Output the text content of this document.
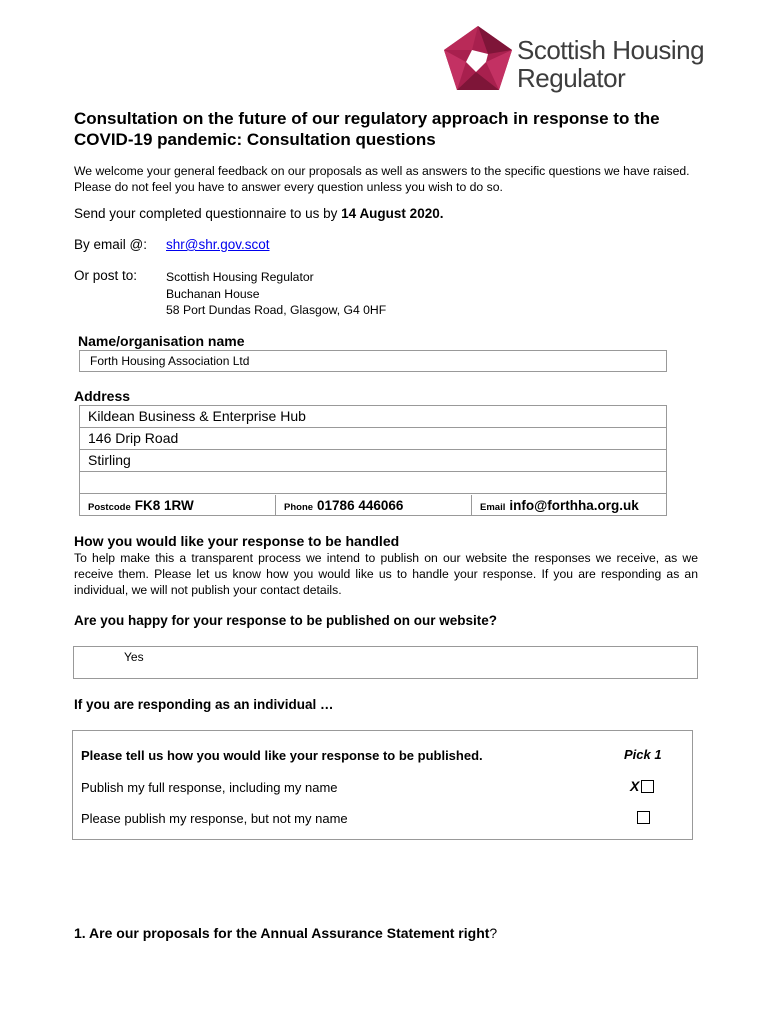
Scottish Housing
Regulator
Consultation on the future of our regulatory approach in response to the COVID-19 pandemic: Consultation questions
We welcome your general feedback on our proposals as well as answers to the specific questions we have raised. Please do not feel you have to answer every question unless you wish to do so.
Send your completed questionnaire to us by 14 August 2020.
By email @: shr@shr.gov.scot
Or post to: Scottish Housing Regulator
Buchanan House
58 Port Dundas Road, Glasgow, G4 0HF
Name/organisation name
Forth Housing Association Ltd
Address
Kildean Business & Enterprise Hub
146 Drip Road
Stirling
Postcode FK8 1RW	Phone 01786 446066	Email info@forthha.org.uk
How you would like your response to be handled
To help make this a transparent process we intend to publish on our website the responses we receive, as we receive them. Please let us know how you would like us to handle your response. If you are responding as an individual, we will not publish your contact details.
Are you happy for your response to be published on our website?
Yes
If you are responding as an individual …
Please tell us how you would like your response to be published.	Pick 1
Publish my full response, including my name	X
Please publish my response, but not my name
1. Are our proposals for the Annual Assurance Statement right?
